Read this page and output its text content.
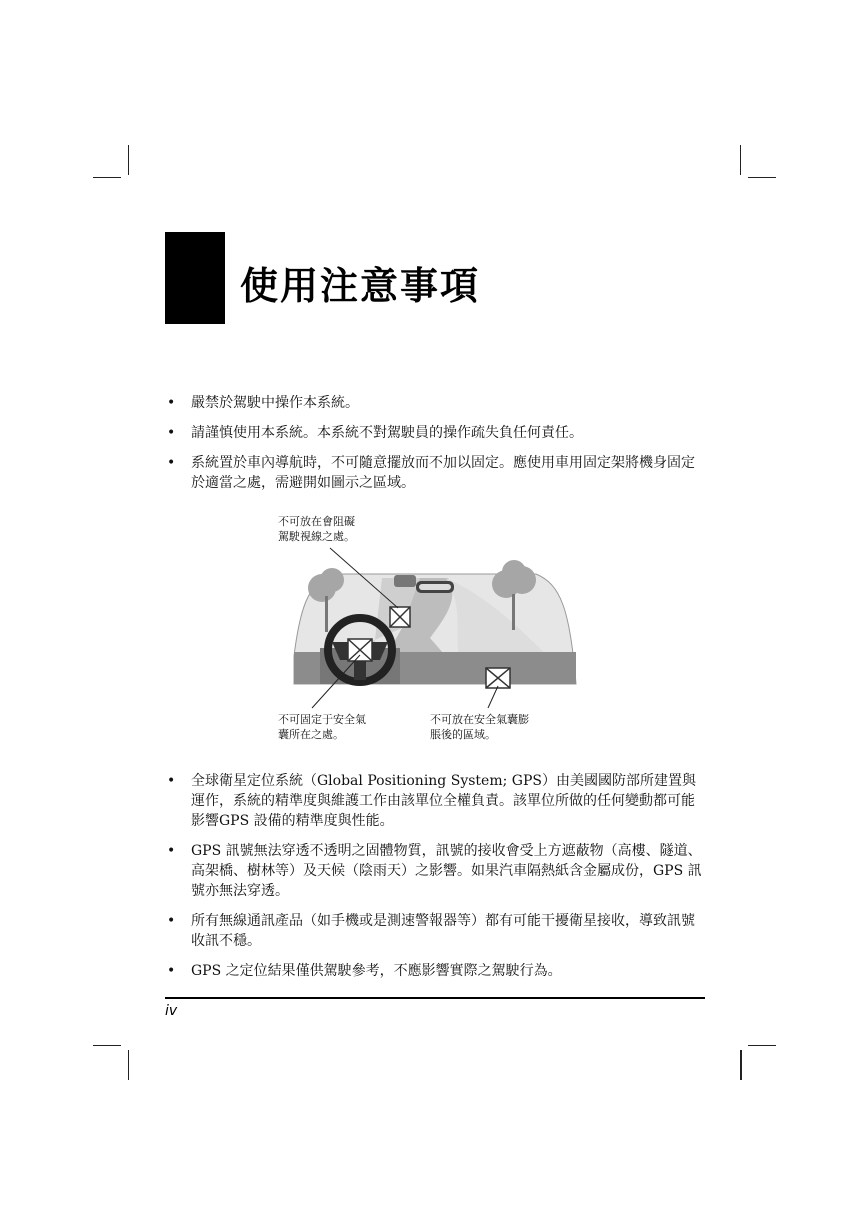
使用注意事項
• 嚴禁於駕駛中操作本系統。
• 請謹慎使用本系統。本系統不對駕駛員的操作疏失負任何責任。
• 系統置於車內導航時，不可隨意擺放而不加以固定。應使用車用固定架將機身固定於適當之處，需避開如圖示之區域。

不可放在會阻礙
駕駛視線之處。

不可固定于安全氣
囊所在之處。

不可放在安全氣囊膨
脹後的區域。

• 全球衛星定位系統（Global Positioning System; GPS）由美國國防部所建置與運作，系統的精準度與維護工作由該單位全權負責。該單位所做的任何變動都可能影響GPS 設備的精準度與性能。
• GPS 訊號無法穿透不透明之固體物質，訊號的接收會受上方遮蔽物（高樓、隧道、高架橋、樹林等）及天候（陰雨天）之影響。如果汽車隔熱紙含金屬成份，GPS 訊號亦無法穿透。
• 所有無線通訊產品（如手機或是測速警報器等）都有可能干擾衛星接收，導致訊號收訊不穩。
• GPS 之定位結果僅供駕駛參考，不應影響實際之駕駛行為。
iv
